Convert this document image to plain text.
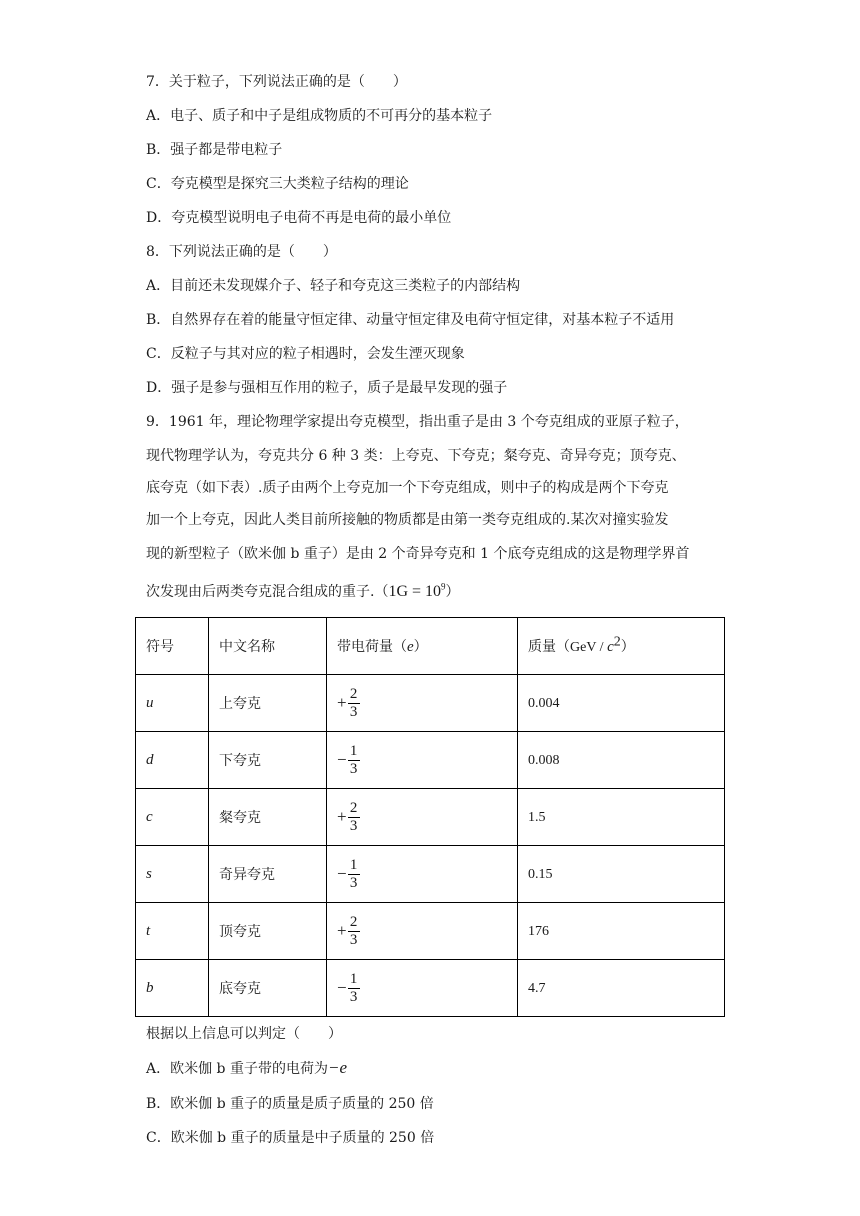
7．关于粒子，下列说法正确的是（　　）
A．电子、质子和中子是组成物质的不可再分的基本粒子
B．强子都是带电粒子
C．夸克模型是探究三大类粒子结构的理论
D．夸克模型说明电子电荷不再是电荷的最小单位
8．下列说法正确的是（　　）
A．目前还未发现媒介子、轻子和夸克这三类粒子的内部结构
B．自然界存在着的能量守恒定律、动量守恒定律及电荷守恒定律，对基本粒子不适用
C．反粒子与其对应的粒子相遇时，会发生湮灭现象
D．强子是参与强相互作用的粒子，质子是最早发现的强子
9．1961 年，理论物理学家提出夸克模型，指出重子是由 3 个夸克组成的亚原子粒子，
现代物理学认为，夸克共分 6 种 3 类：上夸克、下夸克；粲夸克、奇异夸克；顶夸克、
底夸克（如下表）.质子由两个上夸克加一个下夸克组成，则中子的构成是两个下夸克
加一个上夸克，因此人类目前所接触的物质都是由第一类夸克组成的.某次对撞实验发
现的新型粒子（欧米伽 b 重子）是由 2 个奇异夸克和 1 个底夸克组成的这是物理学界首
次发现由后两类夸克混合组成的重子$.(1G = 10^9)$
符号	中文名称	带电荷量（e）	质量$(GeV / c^2)$
u	上夸克	+ $\frac{2}{3}$	0.004
d	下夸克	− $\frac{1}{3}$	0.008
c	粲夸克	+ $\frac{2}{3}$	1.5
s	奇异夸克	− $\frac{1}{3}$	0.15
t	顶夸克	+ $\frac{2}{3}$	176
b	底夸克	− $\frac{1}{3}$	4.7
根据以上信息可以判定（　　）
A．欧米伽 b 重子带的电荷为−e
B．欧米伽 b 重子的质量是质子质量的 250 倍
C．欧米伽 b 重子的质量是中子质量的 250 倍
